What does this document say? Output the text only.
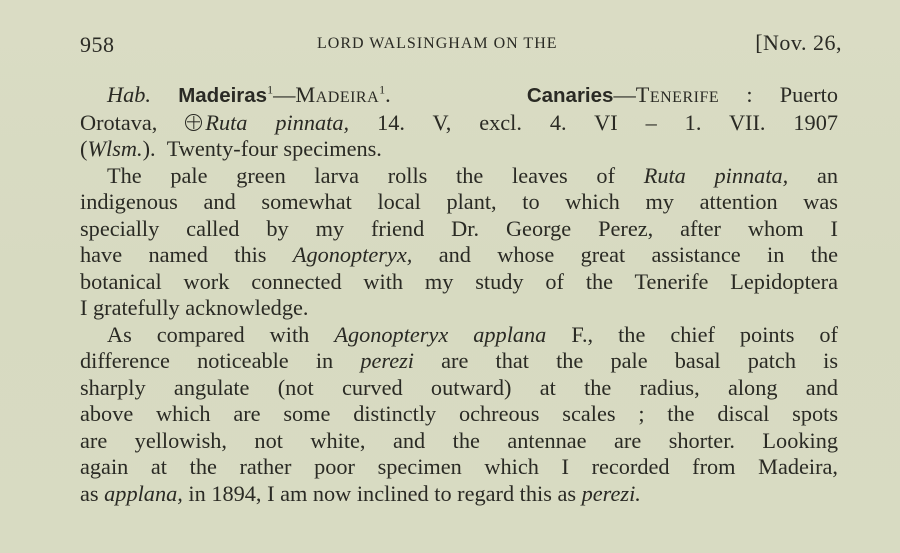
958	LORD WALSINGHAM ON THE	[Nov. 26,
Hab. Madeiras$^1$—Madeira$^1$.	Canaries—Tenerife : Puerto
Orotava, Ruta pinnata, 14. V, excl. 4. VI – 1. VII. 1907
(Wlsm.). Twenty-four specimens.
The pale green larva rolls the leaves of Ruta pinnata, an
indigenous and somewhat local plant, to which my attention was
specially called by my friend Dr. George Perez, after whom I
have named this Agonopteryx, and whose great assistance in the
botanical work connected with my study of the Tenerife Lepidoptera
I gratefully acknowledge.
As compared with Agonopteryx applana F., the chief points of
difference noticeable in perezi are that the pale basal patch is
sharply angulate (not curved outward) at the radius, along and
above which are some distinctly ochreous scales ; the discal spots
are yellowish, not white, and the antennae are shorter. Looking
again at the rather poor specimen which I recorded from Madeira,
as applana, in 1894, I am now inclined to regard this as perezi.
